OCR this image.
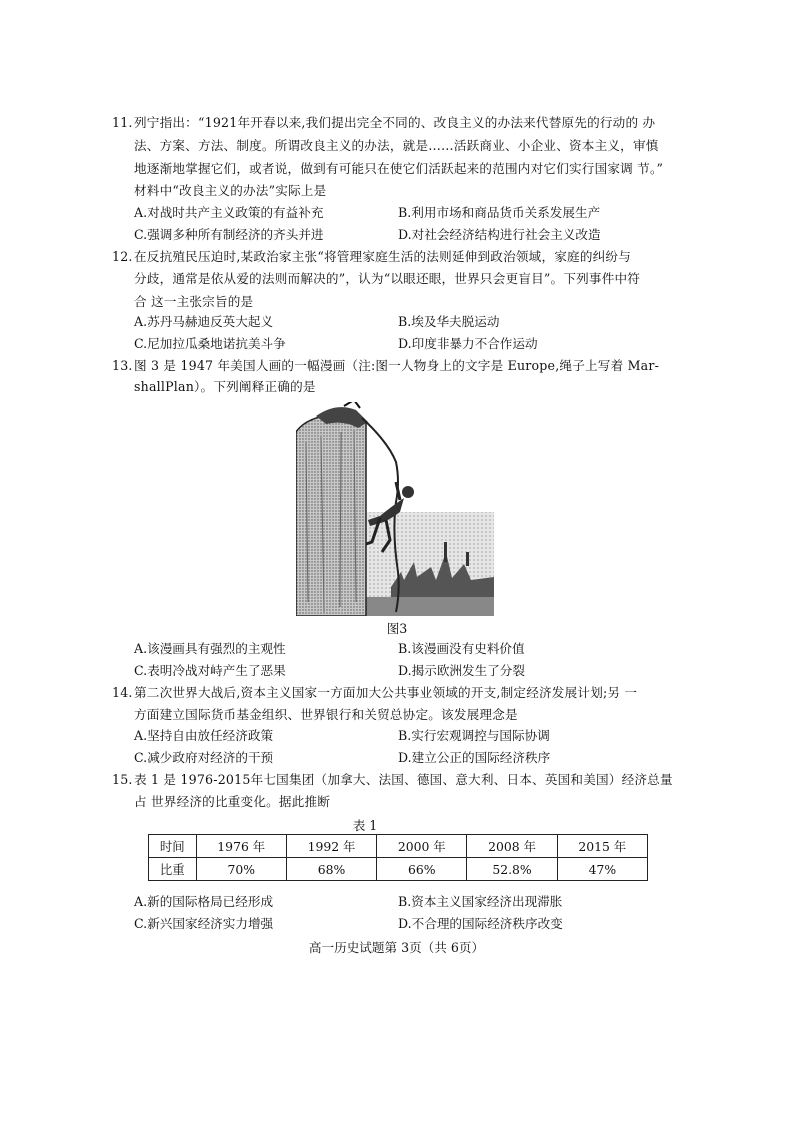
11.列宁指出：“1921年开春以来,我们提出完全不同的、改良主义的办法来代替原先的行动的 办
法、方案、方法、制度。所谓改良主义的办法，就是……活跃商业、小企业、资本主义，审慎
地逐渐地掌握它们，或者说，做到有可能只在使它们活跃起来的范围内对它们实行国家调 节。”
材料中“改良主义的办法”实际上是
A.对战时共产主义政策的有益补充	B.利用市场和商品货币关系发展生产
C.强调多种所有制经济的齐头并进	D.对社会经济结构进行社会主义改造
12.在反抗殖民压迫时,某政治家主张“将管理家庭生活的法则延伸到政治领域，家庭的纠纷与
分歧，通常是依从爱的法则而解决的”，认为“以眼还眼，世界只会更盲目”。下列事件中符
合 这一主张宗旨的是
A.苏丹马赫迪反英大起义	B.埃及华夫脱运动
C.尼加拉瓜桑地诺抗美斗争	D.印度非暴力不合作运动
13.图 3 是 1947 年美国人画的一幅漫画（注:图一人物身上的文字是 Europe,绳子上写着 Mar-
shallPlan）。下列阐释正确的是
图3
A.该漫画具有强烈的主观性	B.该漫画没有史料价值
C.表明冷战对峙产生了恶果	D.揭示欧洲发生了分裂
14.第二次世界大战后,资本主义国家一方面加大公共事业领域的开支,制定经济发展计划;另 一
方面建立国际货币基金组织、世界银行和关贸总协定。该发展理念是
A.坚持自由放任经济政策	B.实行宏观调控与国际协调
C.减少政府对经济的干预	D.建立公正的国际经济秩序
15.表 1 是 1976-2015年七国集团（加拿大、法国、德国、意大利、日本、英国和美国）经济总量
占 世界经济的比重变化。据此推断
表 1
时间	1976 年	1992 年	2000 年	2008 年	2015 年
比重	70%	68%	66%	52.8%	47%
A.新的国际格局已经形成	B.资本主义国家经济出现滞胀
C.新兴国家经济实力增强	D.不合理的国际经济秩序改变
高一历史试题第 3页（共 6页）
